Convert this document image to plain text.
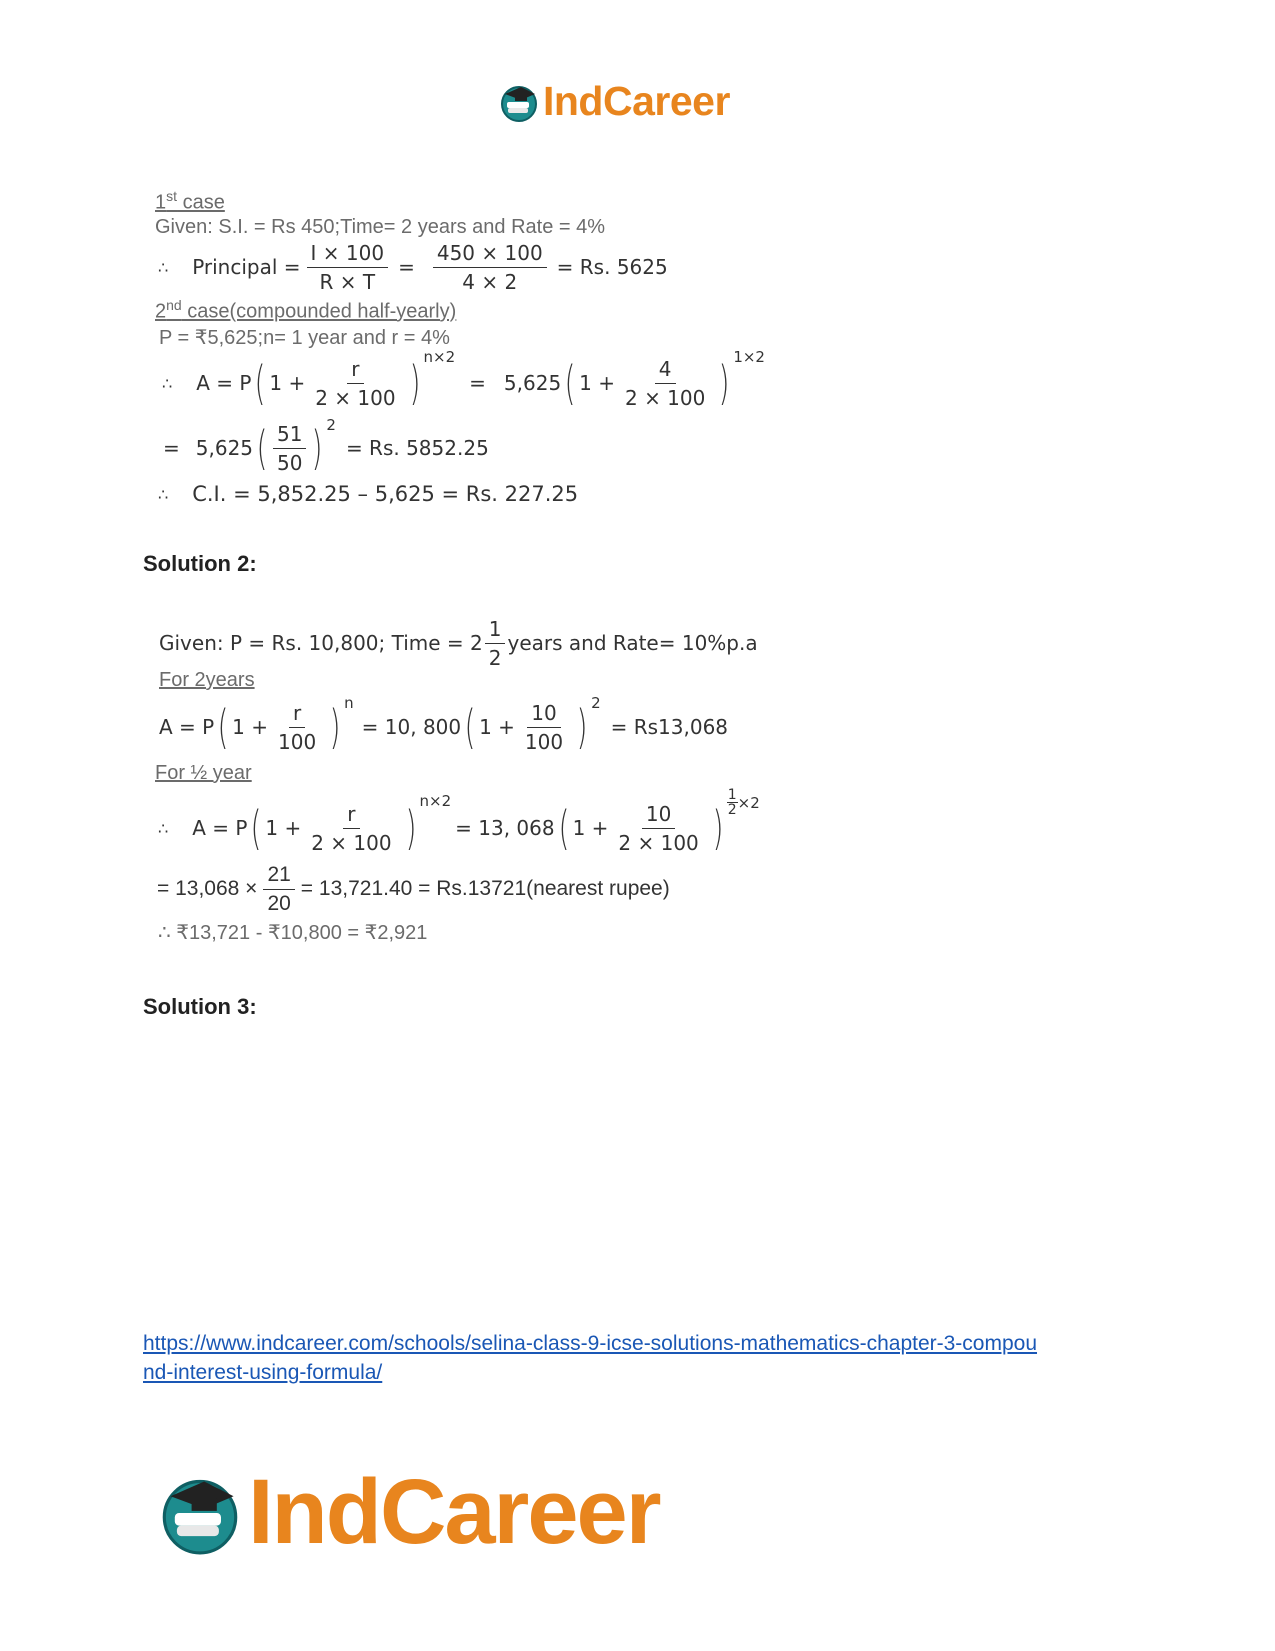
IndCareer
1st case
Given: S.I. = Rs 450;Time= 2 years and Rate = 4%
∴ Principal = $\frac{I \times 100}{R \times T} = \frac{450 \times 100}{4 \times 2} = Rs$. 5625
2nd case(compounded half-yearly)
P = ₹5,625;n= 1 year and r = 4%
∴ A = P ( $1 + \frac{r}{2 \times 100}$ ) n×2
= 5,625 ( $1 + \frac{4}{2 \times 100}$ ) 1×2
= 5,625 ( $\frac{51}{50}$ ) 2
= Rs. 5852.25
∴ C.I. = 5,852.25 – 5,625 = Rs. 227.25
Solution 2:
Given: P = Rs. 10,800; Time = $2 \frac{1}{2}$ years and Rate= 10%p.a
For 2years
A = P ( $1 + \frac{r}{100}$ ) n
= 10, 800 ( $1 + \frac{10}{100}$ ) 2
= Rs13,068
For ½ year
∴ A = P ( $1 + \frac{r}{2 \times 100}$ ) n×2
= 13, 068 ( $1 + \frac{10}{2 \times 100}$ ) $\frac{1}{2} \times 2$
= $13,068 \times \frac{21}{20} = 13,721.40$ = Rs.13721(nearest rupee)
∴ ₹13,721 - ₹10,800 = ₹2,921
Solution 3:
https://www.indcareer.com/schools/selina-class-9-icse-solutions-mathematics-chapter-3-compou
nd-interest-using-formula/
IndCareer
